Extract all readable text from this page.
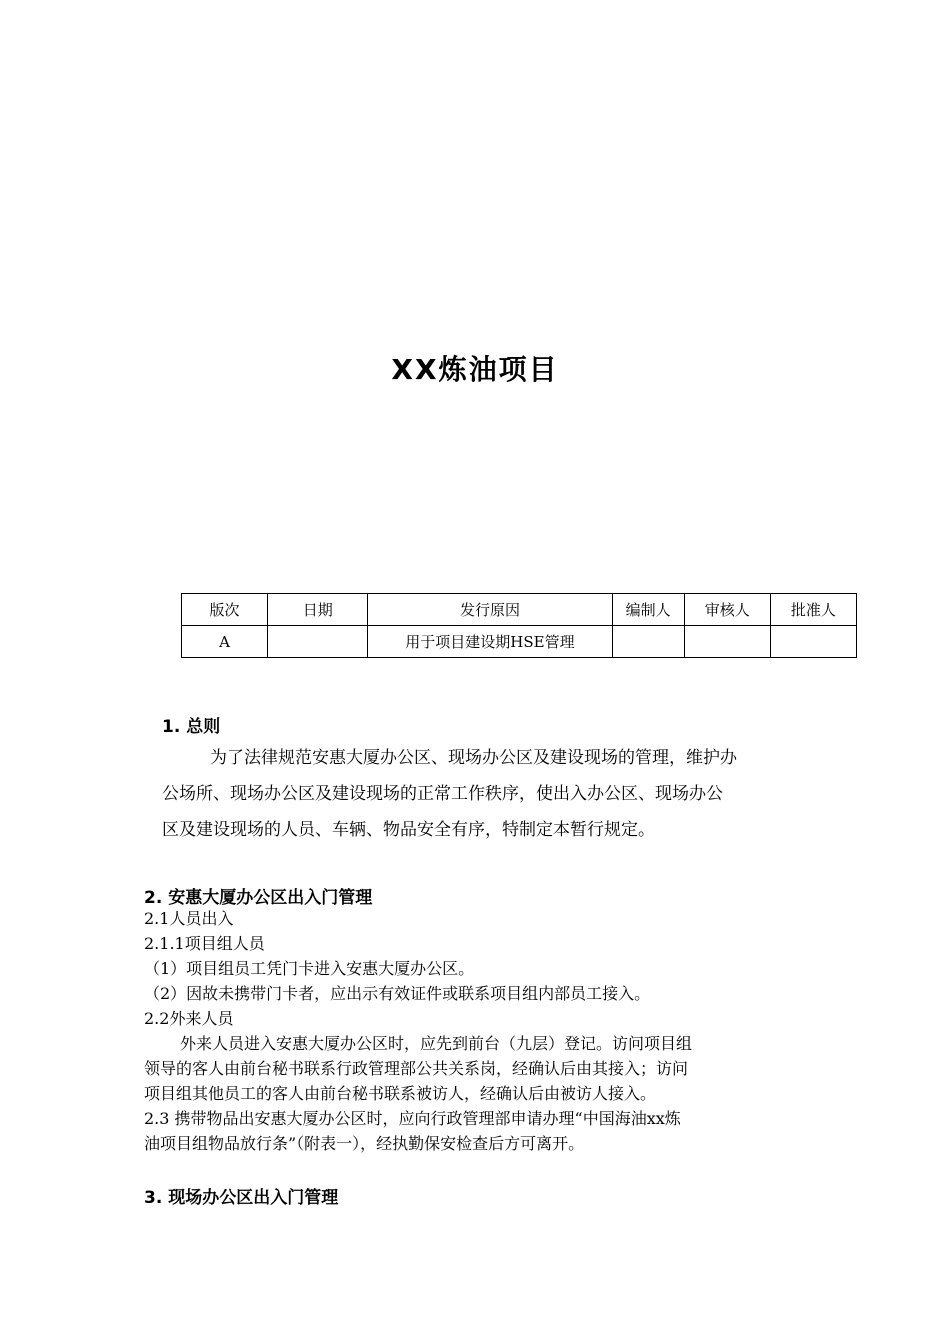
XX炼油项目
版次	日期	发行原因	编制人	审核人	批准人
A		用于项目建设期HSE管理			
1. 总则
为了法律规范安惠大厦办公区、现场办公区及建设现场的管理，维护办
公场所、现场办公区及建设现场的正常工作秩序，使出入办公区、现场办公
区及建设现场的人员、车辆、物品安全有序，特制定本暂行规定。
2. 安惠大厦办公区出入门管理
2.1人员出入
2.1.1项目组人员
（1）项目组员工凭门卡进入安惠大厦办公区。
（2）因故未携带门卡者，应出示有效证件或联系项目组内部员工接入。
2.2外来人员
外来人员进入安惠大厦办公区时，应先到前台（九层）登记。访问项目组
领导的客人由前台秘书联系行政管理部公共关系岗，经确认后由其接入；访问
项目组其他员工的客人由前台秘书联系被访人，经确认后由被访人接入。
2.3 携带物品出安惠大厦办公区时，应向行政管理部申请办理“中国海油xx炼
油项目组物品放行条”（附表一），经执勤保安检查后方可离开。
3. 现场办公区出入门管理
